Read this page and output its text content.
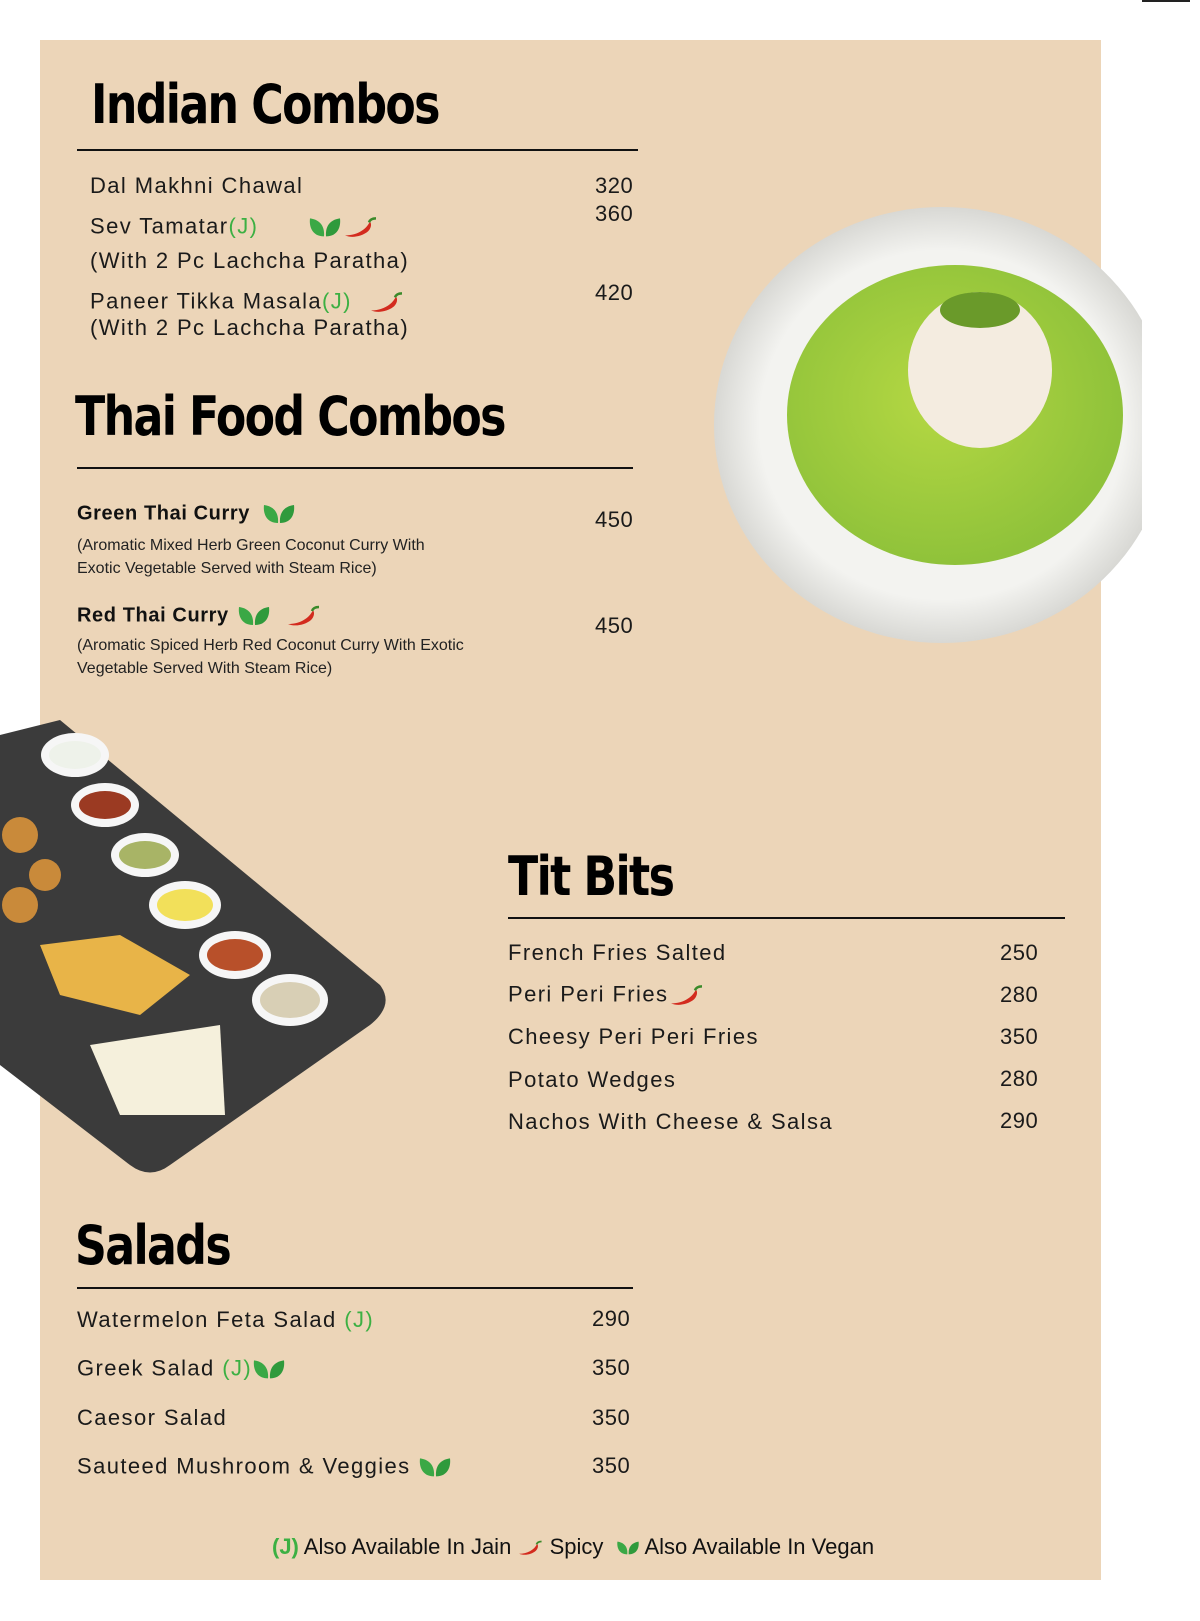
Indian Combos
Dal Makhni Chawal	320
Sev Tamatar(J)	360
(With 2 Pc Lachcha Paratha)
Paneer Tikka Masala(J)	420
(With 2 Pc Lachcha Paratha)
Thai Food Combos
Green Thai Curry	450
(Aromatic Mixed Herb Green Coconut Curry With
Exotic Vegetable Served with Steam Rice)
Red Thai Curry	450
(Aromatic Spiced Herb Red Coconut Curry With Exotic
Vegetable Served With Steam Rice)
Tit Bits
French Fries Salted	250
Peri Peri Fries	280
Cheesy Peri Peri Fries	350
Potato Wedges	280
Nachos With Cheese & Salsa	290
Salads
Watermelon Feta Salad (J)	290
Greek Salad (J)	350
Caesor Salad	350
Sauteed Mushroom & Veggies	350
(J) Also Available In Jain Spicy Also Available In Vegan
